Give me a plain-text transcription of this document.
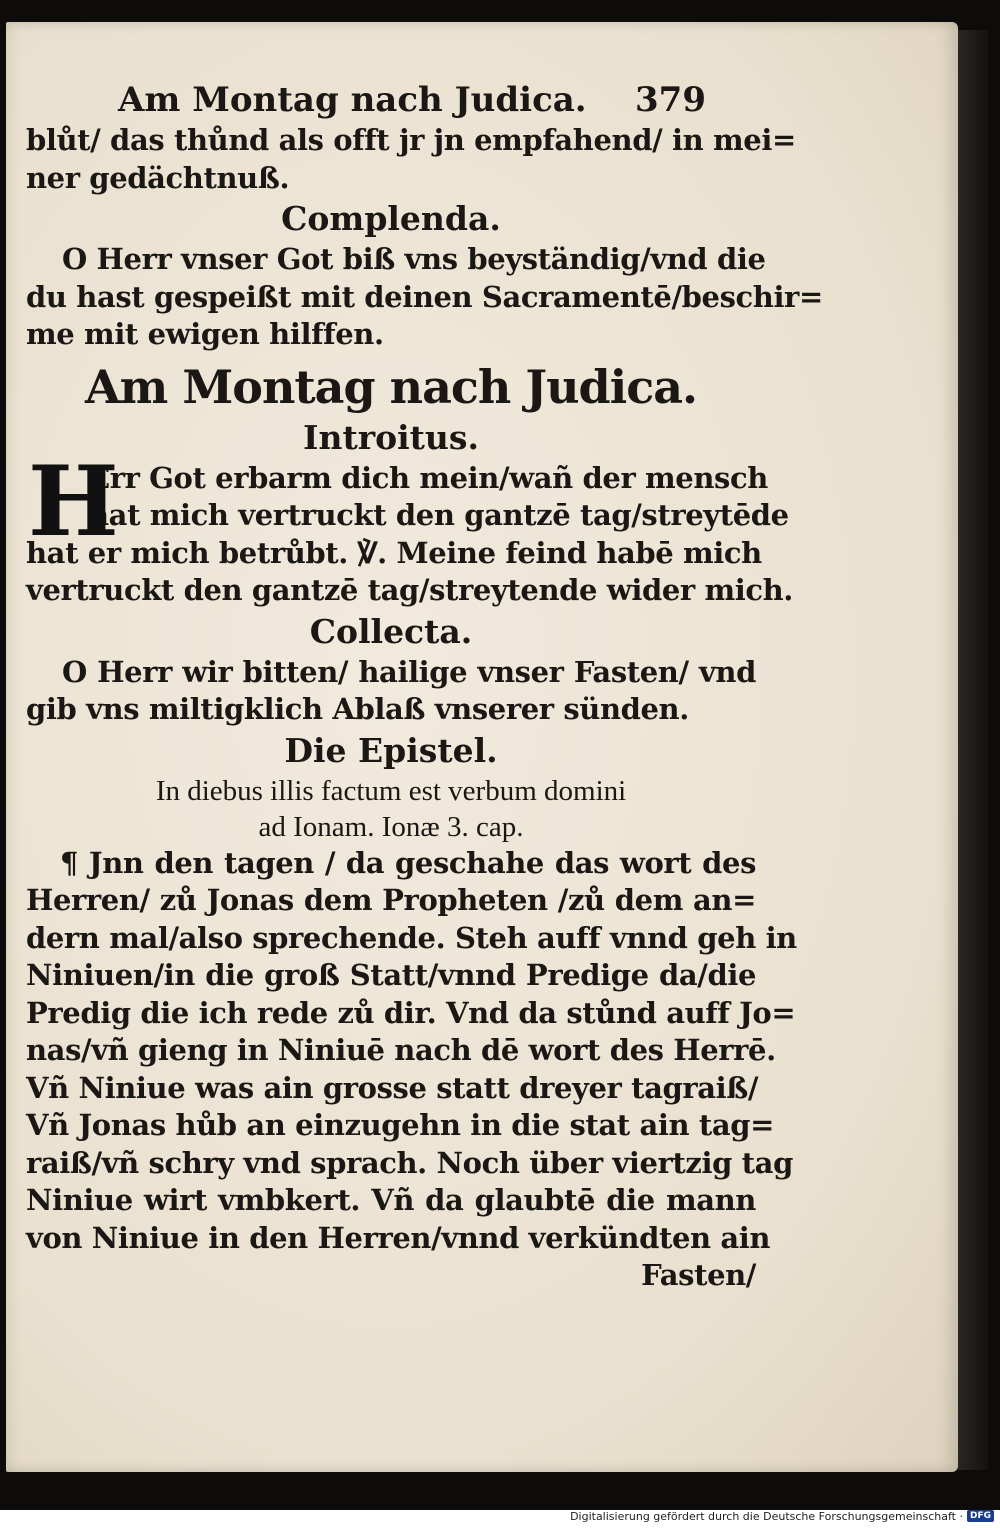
Am Montag nach Judica. 379
blůt/ das thůnd als offt jr jn empfahend/ in mei=
ner gedächtnuß.
Complenda.
O Herr vnser Got biß vns beyständig/vnd die
du hast gespeißt mit deinen Sacramentē/beschir=
me mit ewigen hilffen.
Am Montag nach Judica.
Introitus.
H
Err Got erbarm dich mein/wañ der mensch
hat mich vertruckt den gantzē tag/streytēde
hat er mich betrůbt. ℣. Meine feind habē mich
vertruckt den gantzē tag/streytende wider mich.
Collecta.
O Herr wir bitten/ hailige vnser Fasten/ vnd
gib vns miltigklich Ablaß vnserer sünden.
Die Epistel.
In diebus illis factum est verbum domini
ad Ionam. Ionæ 3. cap.
¶ Jnn den tagen / da geschahe das wort des
Herren/ zů Jonas dem Propheten /zů dem an=
dern mal/also sprechende. Steh auff vnnd geh in
Niniuen/in die groß Statt/vnnd Predige da/die
Predig die ich rede zů dir. Vnd da stůnd auff Jo=
nas/vñ gieng in Niniuē nach dē wort des Herrē.
Vñ Niniue was ain grosse statt dreyer tagraiß/
Vñ Jonas hůb an einzugehn in die stat ain tag=
raiß/vñ schry vnd sprach. Noch über viertzig tag
Niniue wirt vmbkert. Vñ da glaubtē die mann
von Niniue in den Herren/vnnd verkündten ain
Fasten/
Digitalisierung gefördert durch die Deutsche Forschungsgemeinschaft · DFG
